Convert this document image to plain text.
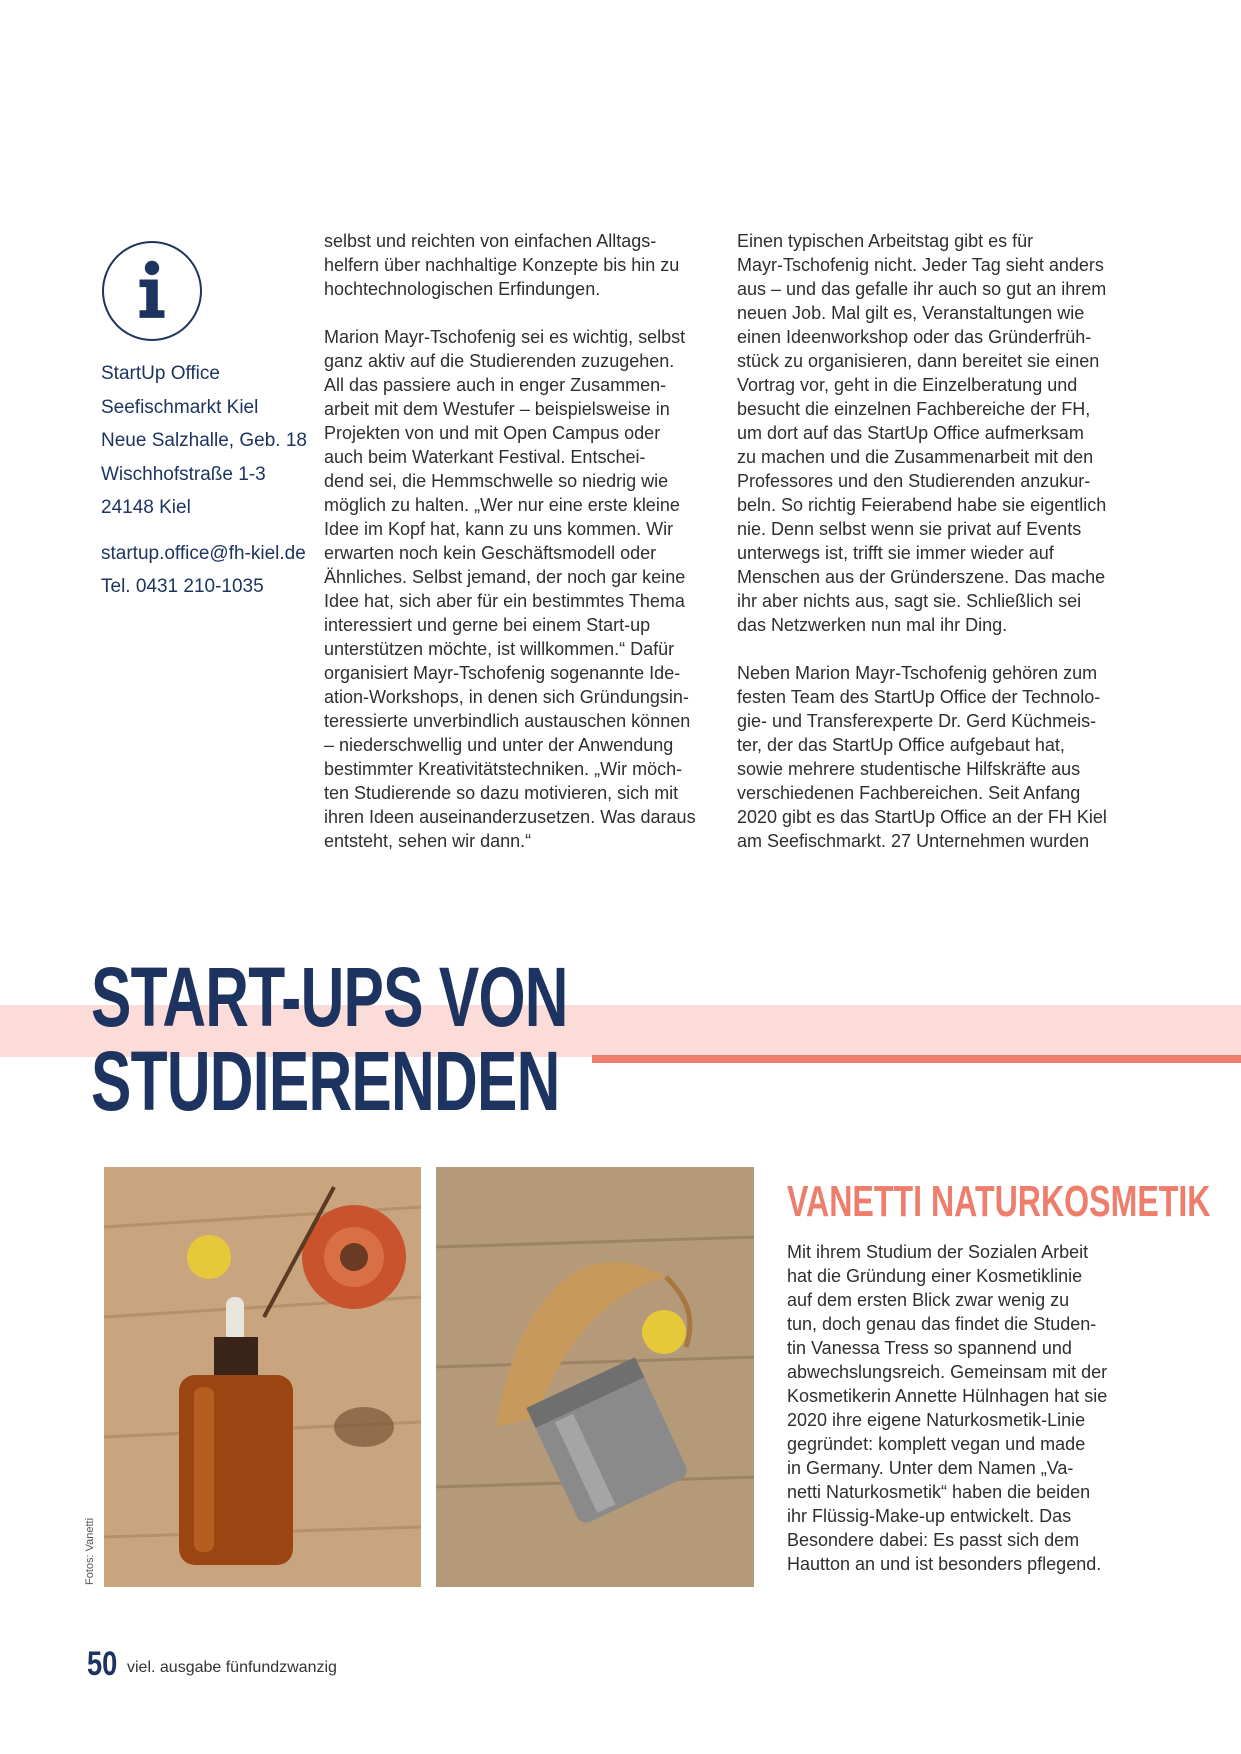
StartUp Office
Seefischmarkt Kiel
Neue Salzhalle, Geb. 18
Wischhofstraße 1-3
24148 Kiel
startup.office@fh-kiel.de
Tel. 0431 210-1035
selbst und reichten von einfachen Alltags-
helfern über nachhaltige Konzepte bis hin zu
hochtechnologischen Erfindungen.
Marion Mayr-Tschofenig sei es wichtig, selbst
ganz aktiv auf die Studierenden zuzugehen.
All das passiere auch in enger Zusammen-
arbeit mit dem Westufer – beispielsweise in
Projekten von und mit Open Campus oder
auch beim Waterkant Festival. Entschei-
dend sei, die Hemmschwelle so niedrig wie
möglich zu halten. „Wer nur eine erste kleine
Idee im Kopf hat, kann zu uns kommen. Wir
erwarten noch kein Geschäftsmodell oder
Ähnliches. Selbst jemand, der noch gar keine
Idee hat, sich aber für ein bestimmtes Thema
interessiert und gerne bei einem Start-up
unterstützen möchte, ist willkommen.“ Dafür
organisiert Mayr-Tschofenig sogenannte Ide-
ation-Workshops, in denen sich Gründungsin-
teressierte unverbindlich austauschen können
– niederschwellig und unter der Anwendung
bestimmter Kreativitätstechniken. „Wir möch-
ten Studierende so dazu motivieren, sich mit
ihren Ideen auseinanderzusetzen. Was daraus
entsteht, sehen wir dann.“
Einen typischen Arbeitstag gibt es für
Mayr-Tschofenig nicht. Jeder Tag sieht anders
aus – und das gefalle ihr auch so gut an ihrem
neuen Job. Mal gilt es, Veranstaltungen wie
einen Ideenworkshop oder das Gründerfrüh-
stück zu organisieren, dann bereitet sie einen
Vortrag vor, geht in die Einzelberatung und
besucht die einzelnen Fachbereiche der FH,
um dort auf das StartUp Office aufmerksam
zu machen und die Zusammenarbeit mit den
Professores und den Studierenden anzukur-
beln. So richtig Feierabend habe sie eigentlich
nie. Denn selbst wenn sie privat auf Events
unterwegs ist, trifft sie immer wieder auf
Menschen aus der Gründerszene. Das mache
ihr aber nichts aus, sagt sie. Schließlich sei
das Netzwerken nun mal ihr Ding.
Neben Marion Mayr-Tschofenig gehören zum
festen Team des StartUp Office der Technolo-
gie- und Transferexperte Dr. Gerd Küchmeis-
ter, der das StartUp Office aufgebaut hat,
sowie mehrere studentische Hilfskräfte aus
verschiedenen Fachbereichen. Seit Anfang
2020 gibt es das StartUp Office an der FH Kiel
am Seefischmarkt. 27 Unternehmen wurden
START-UPS VON
STUDIERENDEN
Fotos: Vanetti
VANETTI NATURKOSMETIK
Mit ihrem Studium der Sozialen Arbeit
hat die Gründung einer Kosmetiklinie
auf dem ersten Blick zwar wenig zu
tun, doch genau das findet die Studen-
tin Vanessa Tress so spannend und
abwechslungsreich. Gemeinsam mit der
Kosmetikerin Annette Hülnhagen hat sie
2020 ihre eigene Naturkosmetik-Linie
gegründet: komplett vegan und made
in Germany. Unter dem Namen „Va-
netti Naturkosmetik“ haben die beiden
ihr Flüssig-Make-up entwickelt. Das
Besondere dabei: Es passt sich dem
Hautton an und ist besonders pflegend.
50 viel. ausgabe fünfundzwanzig
